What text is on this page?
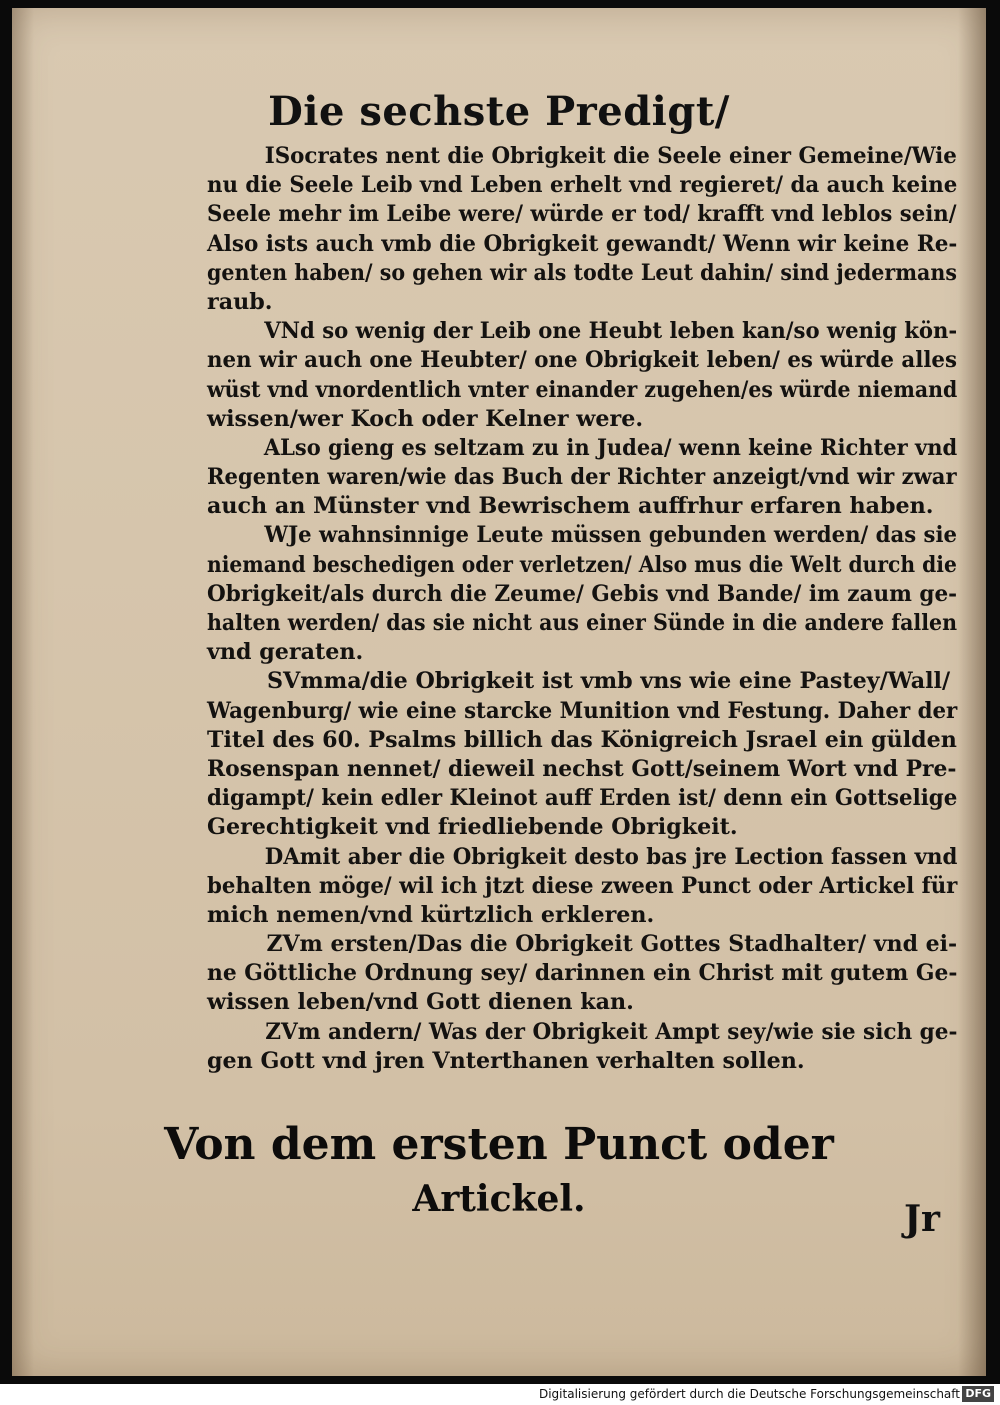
Die sechste Predigt/
ISocrates nent die Obrigkeit die Seele einer Gemeine/Wie
nu die Seele Leib vnd Leben erhelt vnd regieret/ da auch keine
Seele mehr im Leibe were/ würde er tod/ krafft vnd leblos sein/
Also ists auch vmb die Obrigkeit gewandt/ Wenn wir keine Re-
genten haben/ so gehen wir als todte Leut dahin/ sind jedermans
raub.
VNd so wenig der Leib one Heubt leben kan/so wenig kön-
nen wir auch one Heubter/ one Obrigkeit leben/ es würde alles
wüst vnd vnordentlich vnter einander zugehen/es würde niemand
wissen/wer Koch oder Kelner were.
ALso gieng es seltzam zu in Judea/ wenn keine Richter vnd
Regenten waren/wie das Buch der Richter anzeigt/vnd wir zwar
auch an Münster vnd Bewrischem auffrhur erfaren haben.
WJe wahnsinnige Leute müssen gebunden werden/ das sie
niemand beschedigen oder verletzen/ Also mus die Welt durch die
Obrigkeit/als durch die Zeume/ Gebis vnd Bande/ im zaum ge-
halten werden/ das sie nicht aus einer Sünde in die andere fallen
vnd geraten.
SVmma/die Obrigkeit ist vmb vns wie eine Pastey/Wall/
Wagenburg/ wie eine starcke Munition vnd Festung. Daher der
Titel des 60. Psalms billich das Königreich Jsrael ein gülden
Rosenspan nennet/ dieweil nechst Gott/seinem Wort vnd Pre-
digampt/ kein edler Kleinot auff Erden ist/ denn ein Gottselige
Gerechtigkeit vnd friedliebende Obrigkeit.
DAmit aber die Obrigkeit desto bas jre Lection fassen vnd
behalten möge/ wil ich jtzt diese zween Punct oder Artickel für
mich nemen/vnd kürtzlich erkleren.
ZVm ersten/Das die Obrigkeit Gottes Stadhalter/ vnd ei-
ne Göttliche Ordnung sey/ darinnen ein Christ mit gutem Ge-
wissen leben/vnd Gott dienen kan.
ZVm andern/ Was der Obrigkeit Ampt sey/wie sie sich ge-
gen Gott vnd jren Vnterthanen verhalten sollen.
Von dem ersten Punct oder
Artickel.	Jr
Digitalisierung gefördert durch die Deutsche Forschungsgemeinschaft DFG
